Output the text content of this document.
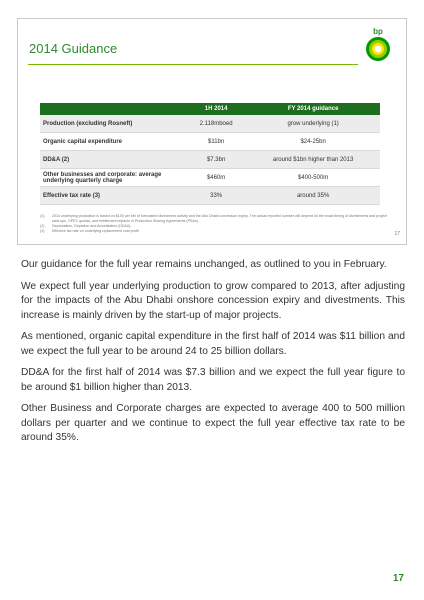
2014 Guidance
bp
	1H 2014	FY 2014 guidance
Production (excluding Rosneft)	2.118mboed	grow underlying (1)
Organic capital expenditure	$11bn	$24-25bn
DD&A (2)	$7.3bn	around $1bn higher than 2013
Other businesses and corporate: average underlying quarterly charge	$460m	$400-500m
Effective tax rate (3)	33%	around 35%
(1)	2014 underlying production is based on $100 per bbl of forecasted divestment activity and the Abu Dhabi concession expiry. The actual reported number will depend on the exact timing of divestments and project start-ups, OPEC quotas, and entitlement impacts in Production Sharing Agreements (PSAs).
(2)	Depreciation, Depletion and Amortisation (DD&A).
(3)	Effective tax rate on underlying replacement cost profit.	17

Our guidance for the full year remains unchanged, as outlined to you in February.

We expect full year underlying production to grow compared to 2013, after adjusting for the impacts of the Abu Dhabi onshore concession expiry and divestments. This increase is mainly driven by the start-up of major projects.

As mentioned, organic capital expenditure in the first half of 2014 was $11 billion and we expect the full year to be around 24 to 25 billion dollars.

DD&A for the first half of 2014 was $7.3 billion and we expect the full year figure to be around $1 billion higher than 2013.

Other Business and Corporate charges are expected to average 400 to 500 million dollars per quarter and we continue to expect the full year effective tax rate to be around 35%.

17
